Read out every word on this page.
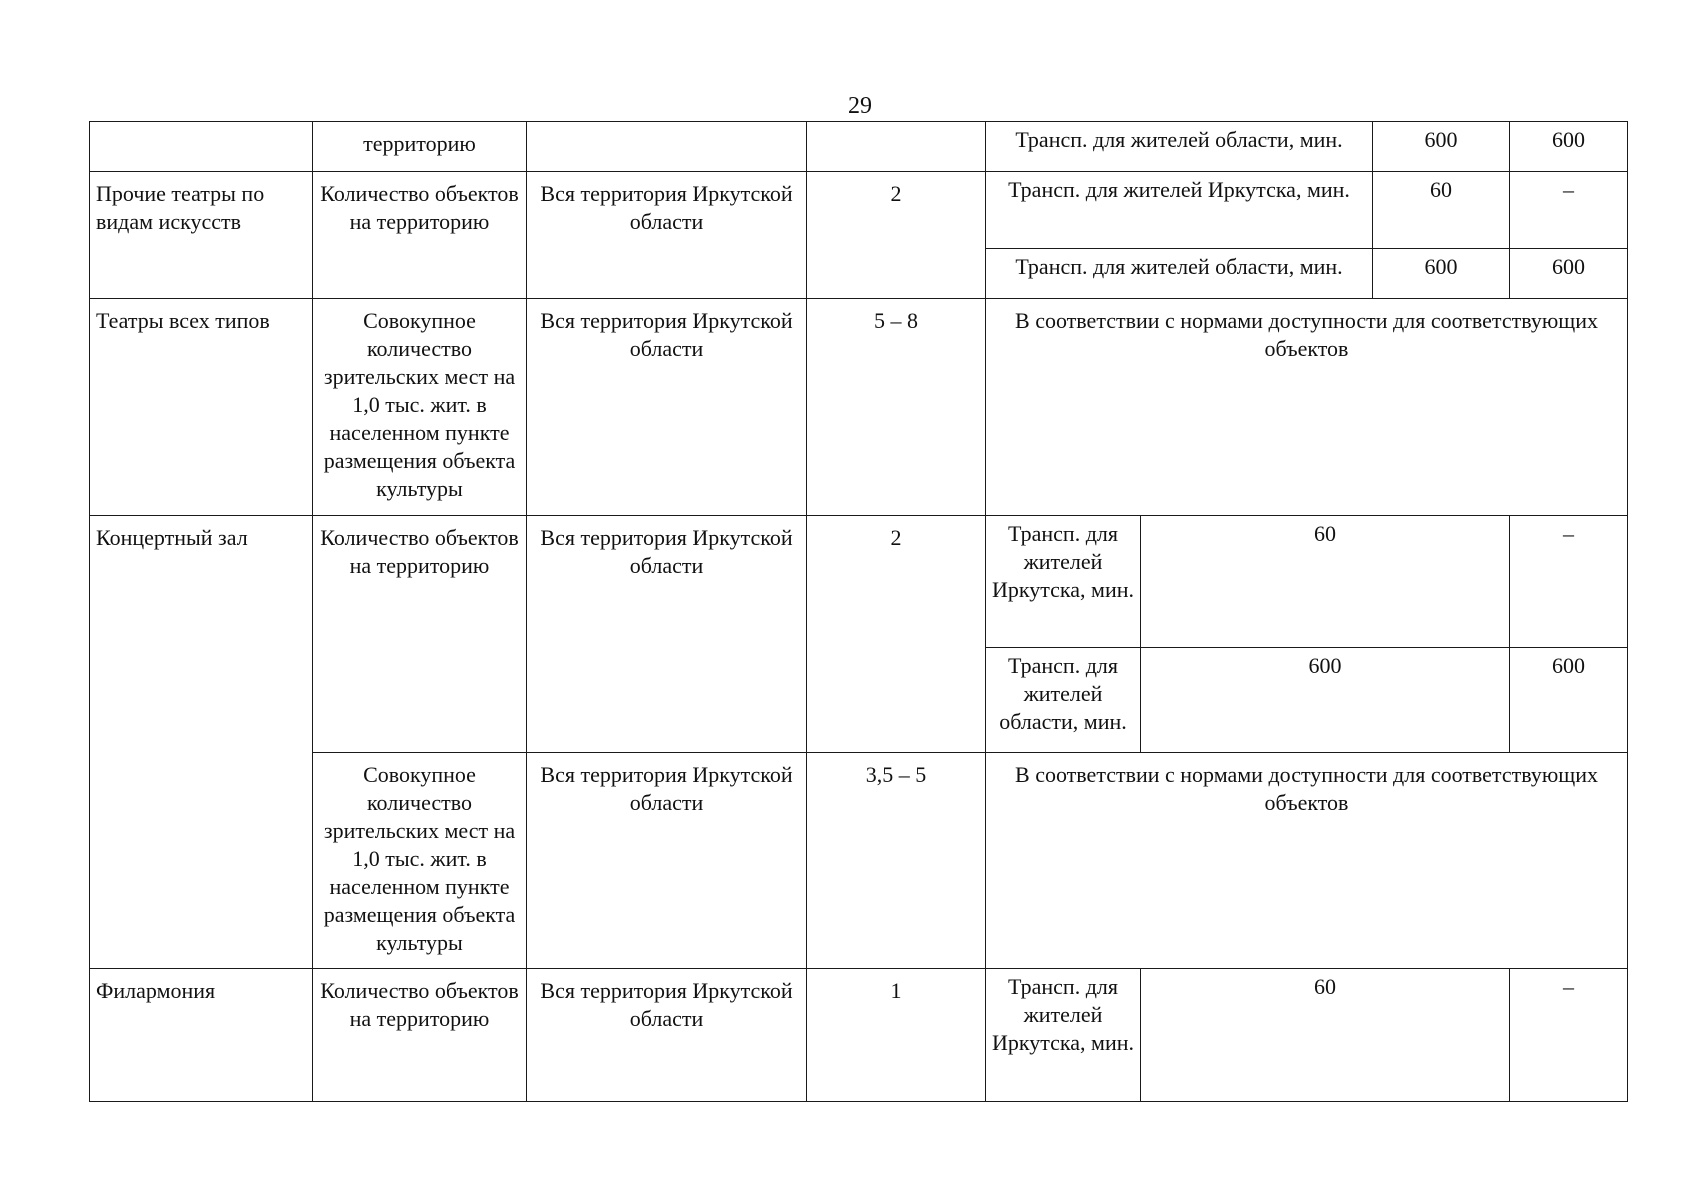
29
	территорию			Трансп. для жителей области, мин.		600	600
Прочие театры по видам искусств	Количество объектов на территорию	Вся территория Иркутской области	2	Трансп. для жителей Иркутска, мин.		60	–
				Трансп. для жителей области, мин.		600	600
Театры всех типов	Совокупное количество зрительских мест на 1,0 тыс. жит. в населенном пункте размещения объекта культуры	Вся территория Иркутской области	5 – 8	В соответствии с нормами доступности для соответствующих объектов			
Концертный зал	Количество объектов на территорию	Вся территория Иркутской области	2	Трансп. для жителей Иркутска, мин.	60		–
				Трансп. для жителей области, мин.	600		600
	Совокупное количество зрительских мест на 1,0 тыс. жит. в населенном пункте размещения объекта культуры	Вся территория Иркутской области	3,5 – 5	В соответствии с нормами доступности для соответствующих объектов			
Филармония	Количество объектов на территорию	Вся территория Иркутской области	1	Трансп. для жителей Иркутска, мин.	60		–
